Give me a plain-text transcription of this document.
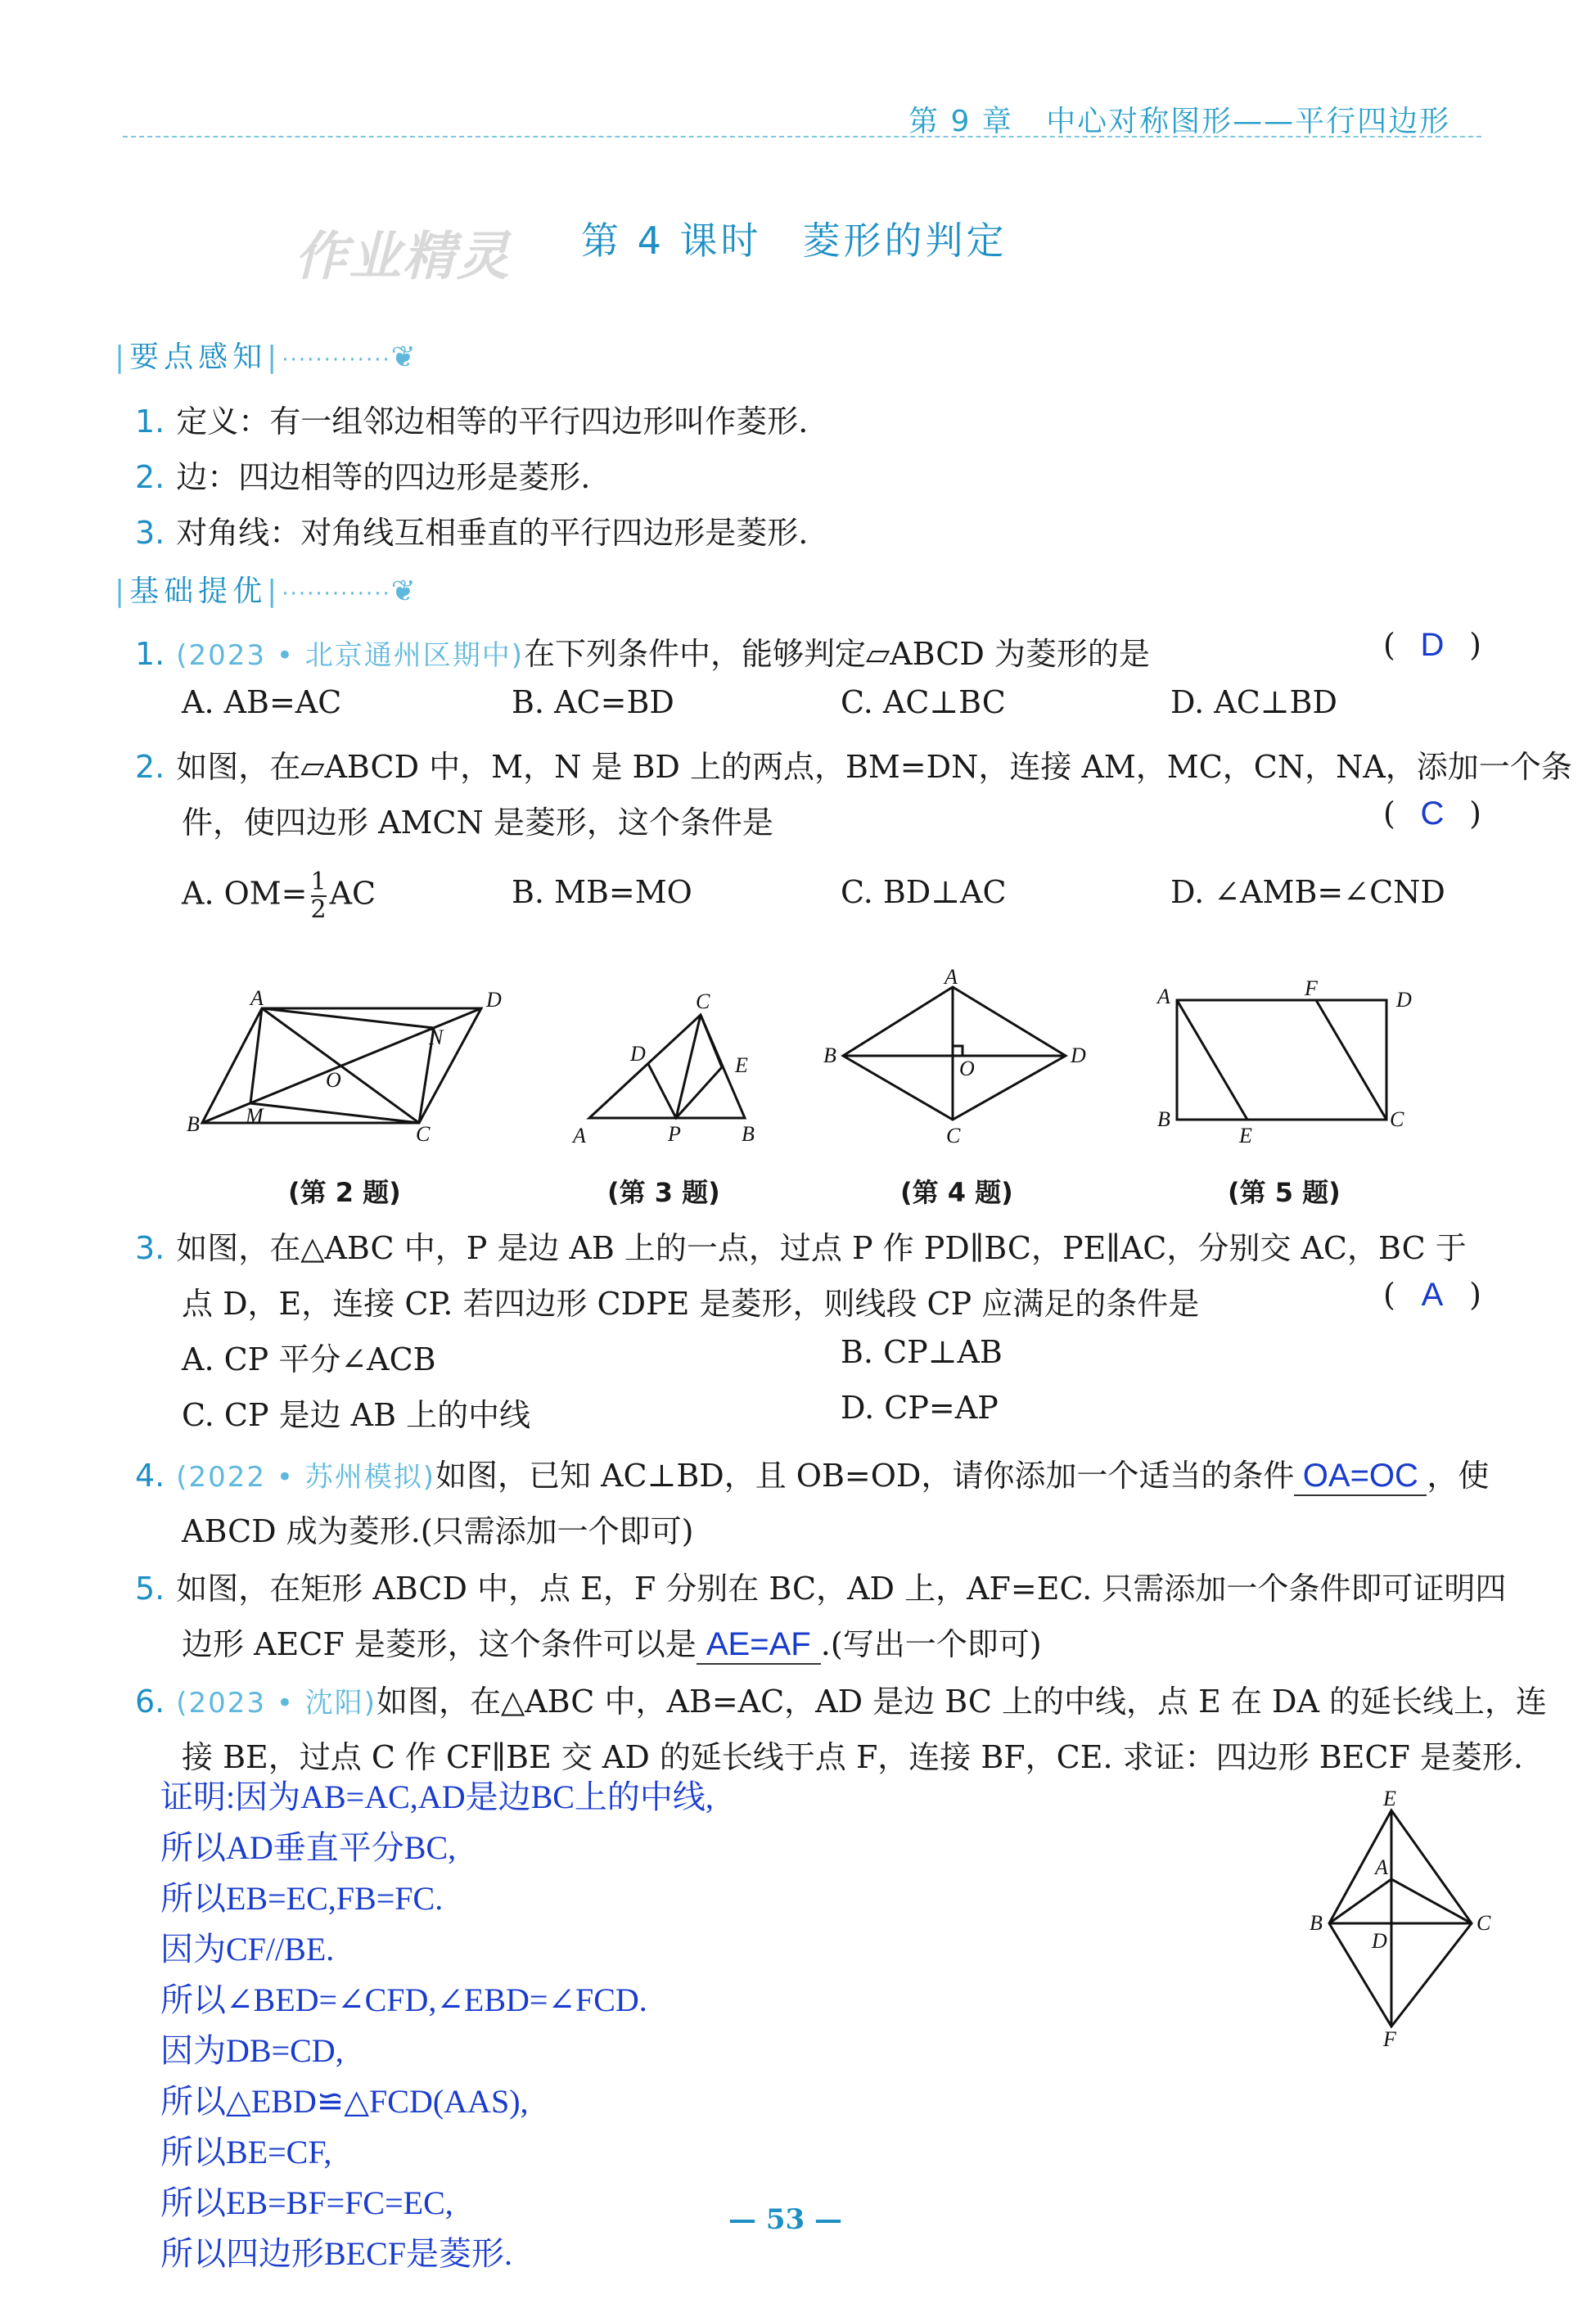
第 9 章 中心对称图形——平行四边形
作业精灵 第 4 课时 菱形的判定
|要点感知|·············❦
1. 定义：有一组邻边相等的平行四边形叫作菱形.
2. 边：四边相等的四边形是菱形.
3. 对角线：对角线互相垂直的平行四边形是菱形.
|基础提优|·············❦
1. (2023 • 北京通州区期中)在下列条件中，能够判定▱ABCD 为菱形的是	( D )
A. AB=AC	B. AC=BD	C. AC⊥BC	D. AC⊥BD
2. 如图，在▱ABCD 中，M，N 是 BD 上的两点，BM=DN，连接 AM，MC，CN，NA，添加一个条
件，使四边形 AMCN 是菱形，这个条件是	( C )
A. $OM= \frac{1}{2}$ AC	B. MB=MO	C. BD⊥AC	D. ∠AMB=∠CND
A	D
N
O
M
B	C
C
D	E
A	P	B
A
B	D
O
C
A	F	D
B
E
C
(第 2 题)	(第 3 题)	(第 4 题)	(第 5 题)
3. 如图，在△ABC 中，P 是边 AB 上的一点，过点 P 作 PD∥BC，PE∥AC，分别交 AC，BC 于
点 D，E，连接 CP. 若四边形 CDPE 是菱形，则线段 CP 应满足的条件是	( A )
A. CP 平分∠ACB	B. CP⊥AB
C. CP 是边 AB 上的中线	D. CP=AP
4. (2022 • 苏州模拟)如图，已知 AC⊥BD，且 OB=OD，请你添加一个适当的条件 OA=OC ，使
ABCD 成为菱形.(只需添加一个即可)
5. 如图，在矩形 ABCD 中，点 E，F 分别在 BC，AD 上，AF=EC. 只需添加一个条件即可证明四
边形 AECF 是菱形，这个条件可以是 AE=AF .(写出一个即可)
6. (2023 • 沈阳)如图，在△ABC 中，AB=AC，AD 是边 BC 上的中线，点 E 在 DA 的延长线上，连
接 BE，过点 C 作 CF∥BE 交 AD 的延长线于点 F，连接 BF，CE. 求证：四边形 BECF 是菱形.
证明:因为AB=AC,AD是边BC上的中线,
所以AD垂直平分BC,
所以EB=EC,FB=FC.
因为CF//BE.
所以∠BED=∠CFD,∠EBD=∠FCD.
因为DB=CD,
所以△EBD≌△FCD(AAS),
所以BE=CF,
所以EB=BF=FC=EC,
所以四边形BECF是菱形.
E
A
B
D
C
F
— 53 —
